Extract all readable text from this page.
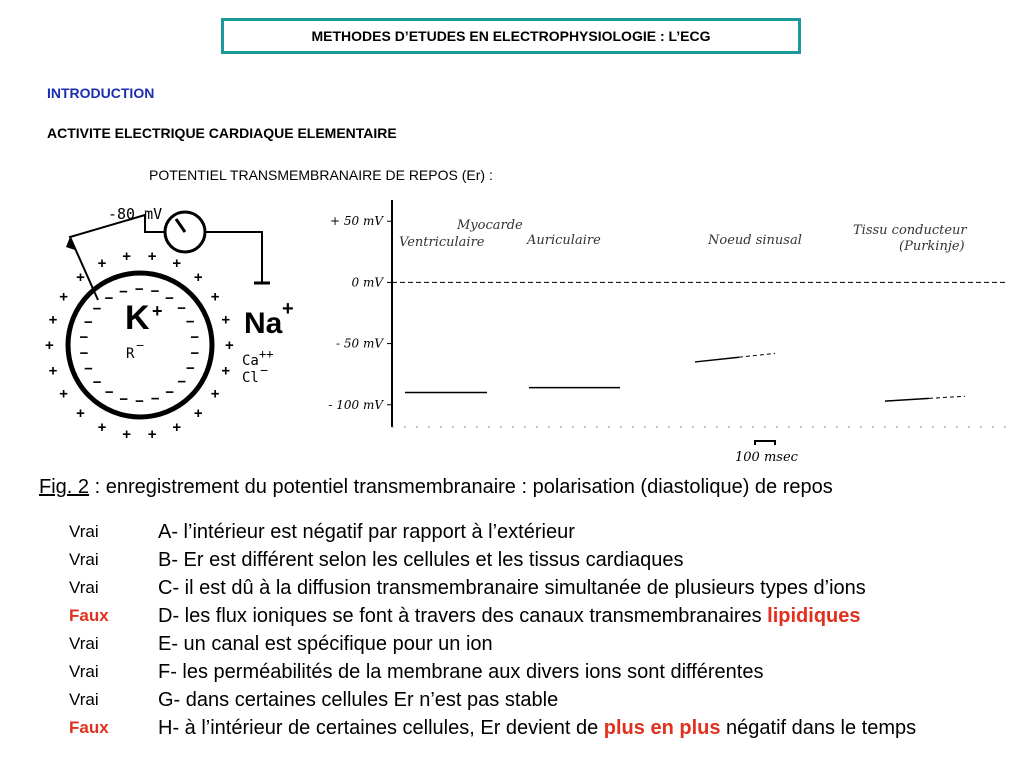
METHODES D’ETUDES EN ELECTROPHYSIOLOGIE : L’ECG
INTRODUCTION
ACTIVITE ELECTRIQUE CARDIAQUE ELEMENTAIRE
POTENTIEL TRANSMEMBRANAIRE DE REPOS (Er) :
-80 mV
K +
R
−
Na +
Ca ++
Cl −
+
−
+
−
+
−
+
−
+
−
+
−
+
−
+
−
+
−
+
−
+
−
+ −
+ −
+
−
+
−
+
−
+
−
+
−
+
−
+
−
+
− +
−
+ 50 mV
0 mV
- 50 mV
- 100 mV
Myocarde
Ventriculaire	Auriculaire	Noeud sinusal
Tissu conducteur
(Purkinje)
100 msec
Fig. 2 : enregistrement du potentiel transmembranaire : polarisation (diastolique) de repos
Vrai
Vrai
Vrai
Faux
Vrai
Vrai
Vrai
Faux
A- l’intérieur est négatif par rapport à l’extérieur
B- Er est différent selon les cellules et les tissus cardiaques
C- il est dû à la diffusion transmembranaire simultanée de plusieurs types d’ions
D- les flux ioniques se font à travers des canaux transmembranaires lipidiques
E- un canal est spécifique pour un ion
F- les perméabilités de la membrane aux divers ions sont différentes
G- dans certaines cellules Er n’est pas stable
H- à l’intérieur de certaines cellules, Er devient de plus en plus négatif dans le temps
